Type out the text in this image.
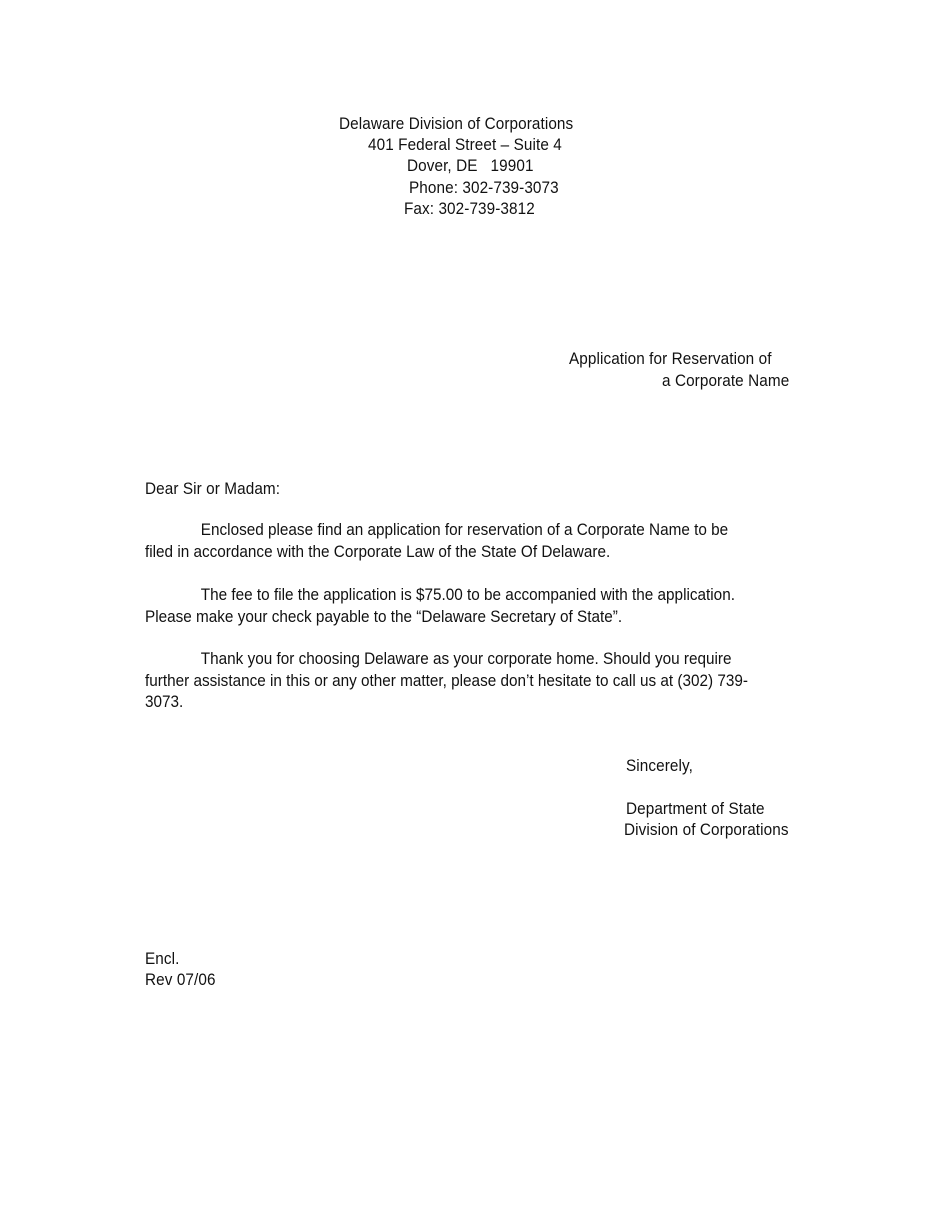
Delaware Division of Corporations
401 Federal Street – Suite 4
Dover, DE   19901
Phone: 302-739-3073
Fax: 302-739-3812
Application for Reservation of
a Corporate Name
Dear Sir or Madam:
Enclosed please find an application for reservation of a Corporate Name to be
filed in accordance with the Corporate Law of the State Of Delaware.
The fee to file the application is $75.00 to be accompanied with the application.
Please make your check payable to the “Delaware Secretary of State”.
Thank you for choosing Delaware as your corporate home. Should you require
further assistance in this or any other matter, please don’t hesitate to call us at (302) 739-
3073.
Sincerely,
Department of State
Division of Corporations
Encl.
Rev 07/06
